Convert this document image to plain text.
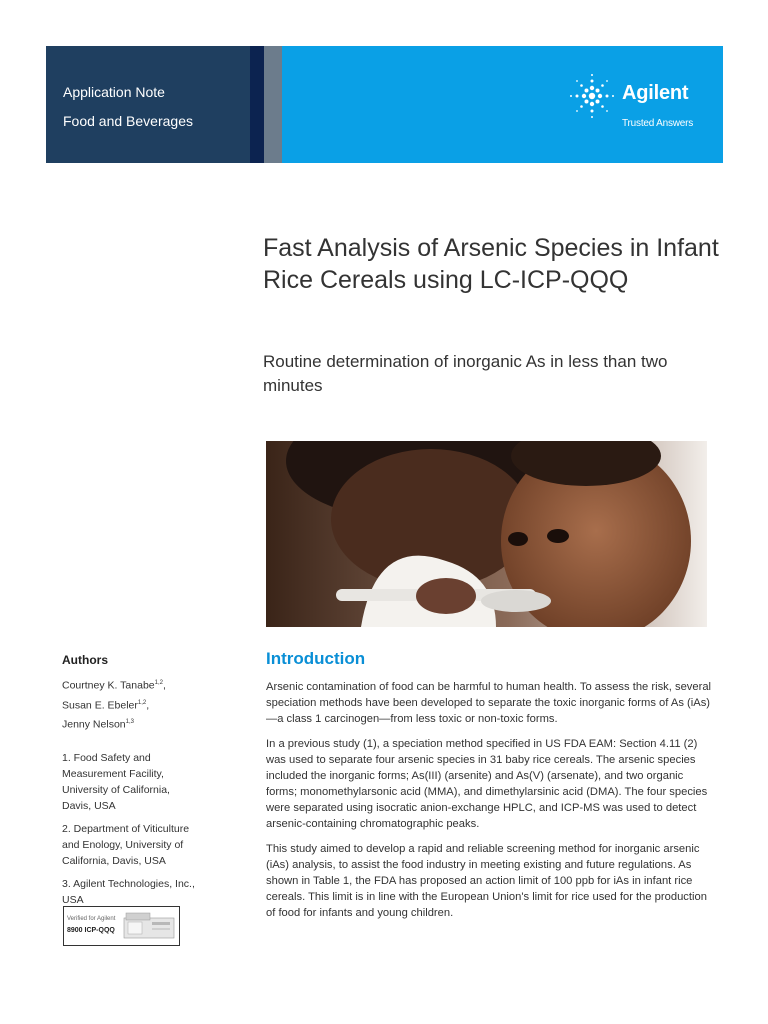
Application Note
Food and Beverages
Agilent
Trusted Answers
Fast Analysis of Arsenic Species in Infant Rice Cereals using LC-ICP-QQQ
Routine determination of inorganic As in less than two minutes
Authors
Courtney K. Tanabe$^{1,2}$,
Susan E. Ebeler$^{1,2}$,
Jenny Nelson$^{1,3}$

1. Food Safety and Measurement Facility, University of California, Davis, USA

2. Department of Viticulture and Enology, University of California, Davis, USA

3. Agilent Technologies, Inc., USA

Verified for Agilent
8900 ICP-QQQ
Introduction

Arsenic contamination of food can be harmful to human health. To assess the risk, several speciation methods have been developed to separate the toxic inorganic forms of As (iAs)—a class 1 carcinogen—from less toxic or non-toxic forms.

In a previous study (1), a speciation method specified in US FDA EAM: Section 4.11 (2) was used to separate four arsenic species in 31 baby rice cereals. The arsenic species included the inorganic forms; As(III) (arsenite) and As(V) (arsenate), and two organic forms; monomethylarsonic acid (MMA), and dimethylarsinic acid (DMA). The four species were separated using isocratic anion-exchange HPLC, and ICP-MS was used to detect arsenic-containing chromatographic peaks.

This study aimed to develop a rapid and reliable screening method for inorganic arsenic (iAs) analysis, to assist the food industry in meeting existing and future regulations. As shown in Table 1, the FDA has proposed an action limit of 100 ppb for iAs in infant rice cereals. This limit is in line with the European Union's limit for rice used for the production of food for infants and young children.
